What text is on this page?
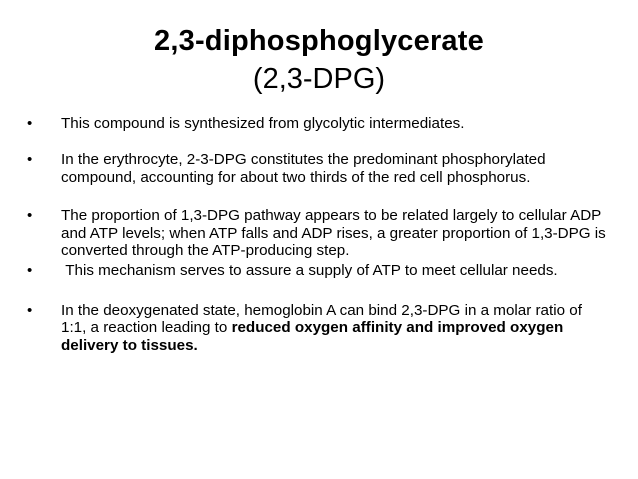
2,3-diphosphoglycerate
(2,3-DPG)
• This compound is synthesized from glycolytic intermediates.
• In the erythrocyte, 2-3-DPG constitutes the predominant phosphorylated compound, accounting for about two thirds of the red cell phosphorus.
• The proportion of 1,3-DPG pathway appears to be related largely to cellular ADP and ATP levels; when ATP falls and ADP rises, a greater proportion of 1,3-DPG is converted through the ATP-producing step.
• This mechanism serves to assure a supply of ATP to meet cellular needs.
• In the deoxygenated state, hemoglobin A can bind 2,3-DPG in a molar ratio of 1:1, a reaction leading to reduced oxygen affinity and improved oxygen delivery to tissues.
